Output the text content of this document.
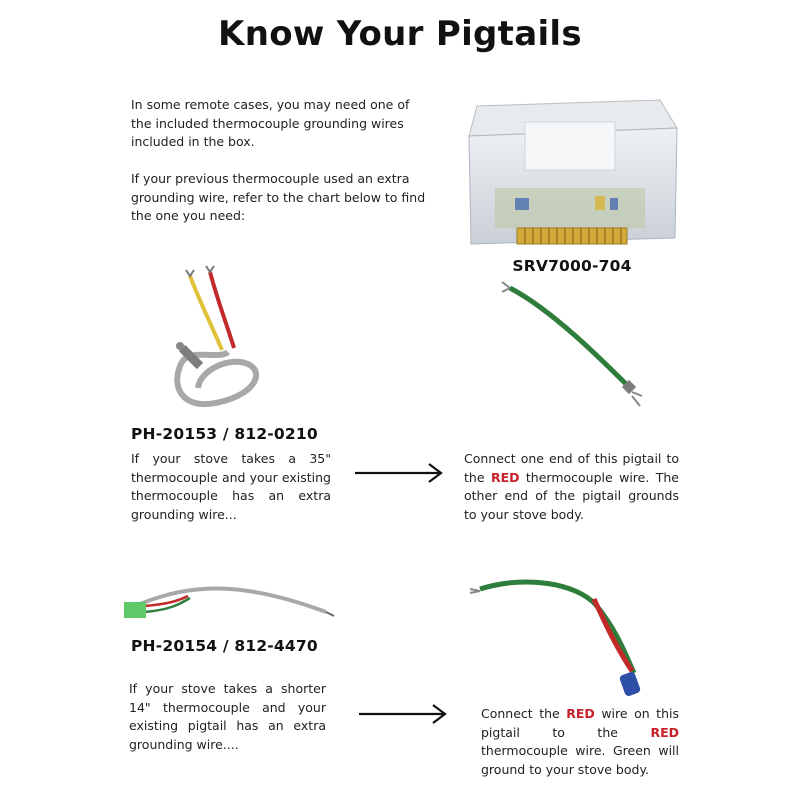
Know Your Pigtails
In some remote cases, you may need one of the included thermocouple grounding wires included in the box.
If your previous thermocouple used an extra grounding wire, refer to the chart below to find the one you need:
SRV7000-704
PH-20153 / 812-0210
If your stove takes a 35" thermocouple and your existing thermocouple has an extra grounding wire...
Connect one end of this pigtail to the RED thermocouple wire. The other end of the pigtail grounds to your stove body.
PH-20154 / 812-4470
If your stove takes a shorter 14" thermocouple and your existing pigtail has an extra grounding wire....
Connect the RED wire on this pigtail to the RED thermocouple wire. Green will ground to your stove body.
